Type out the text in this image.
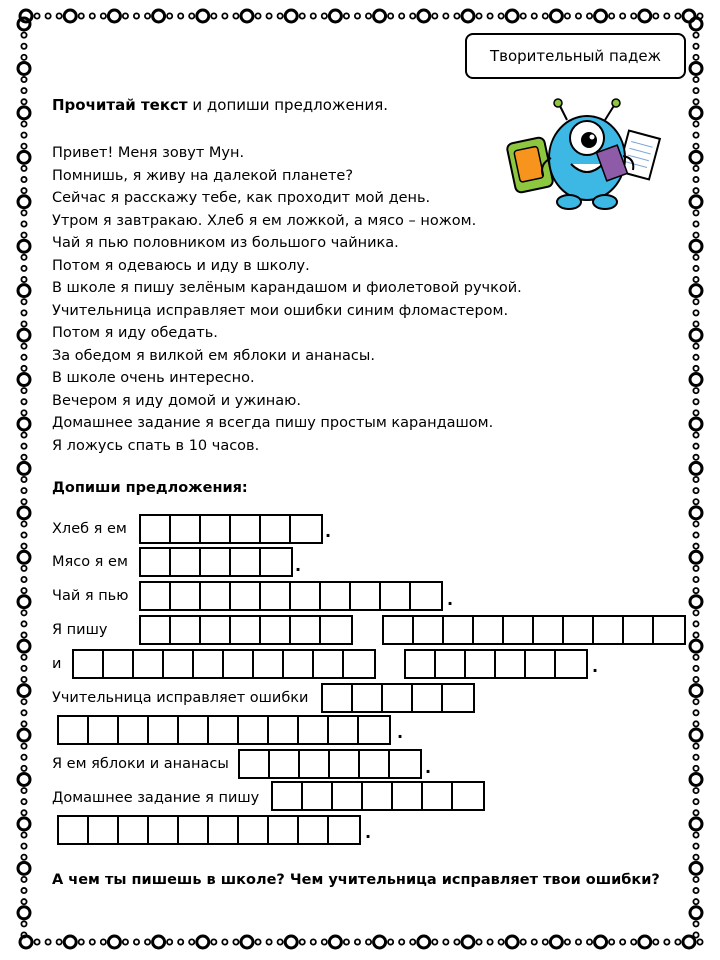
Творительный падеж
Прочитай текст и допиши предложения.
Привет! Меня зовут Мун.
Помнишь, я живу на далекой планете?
Сейчас я расскажу тебе, как проходит мой день.
Утром я завтракаю. Хлеб я ем ложкой, а мясо – ножом.
Чай я пью половником из большого чайника.
Потом я одеваюсь и иду в школу.
В школе я пишу зелёным карандашом и фиолетовой ручкой.
Учительница исправляет мои ошибки синим фломастером.
Потом я иду обедать.
За обедом я вилкой ем яблоки и ананасы.
В школе очень интересно.
Вечером я иду домой и ужинаю.
Домашнее задание я всегда пишу простым карандашом.
Я ложусь спать в 10 часов.
Допиши предложения:
Хлеб я ем	.
Мясо я ем	.
Чай я пью	.
Я пишу
и	.
Учительница исправляет ошибки
.
Я ем яблоки и ананасы	.
Домашнее задание я пишу
.
А чем ты пишешь в школе? Чем учительница исправляет твои ошибки?
